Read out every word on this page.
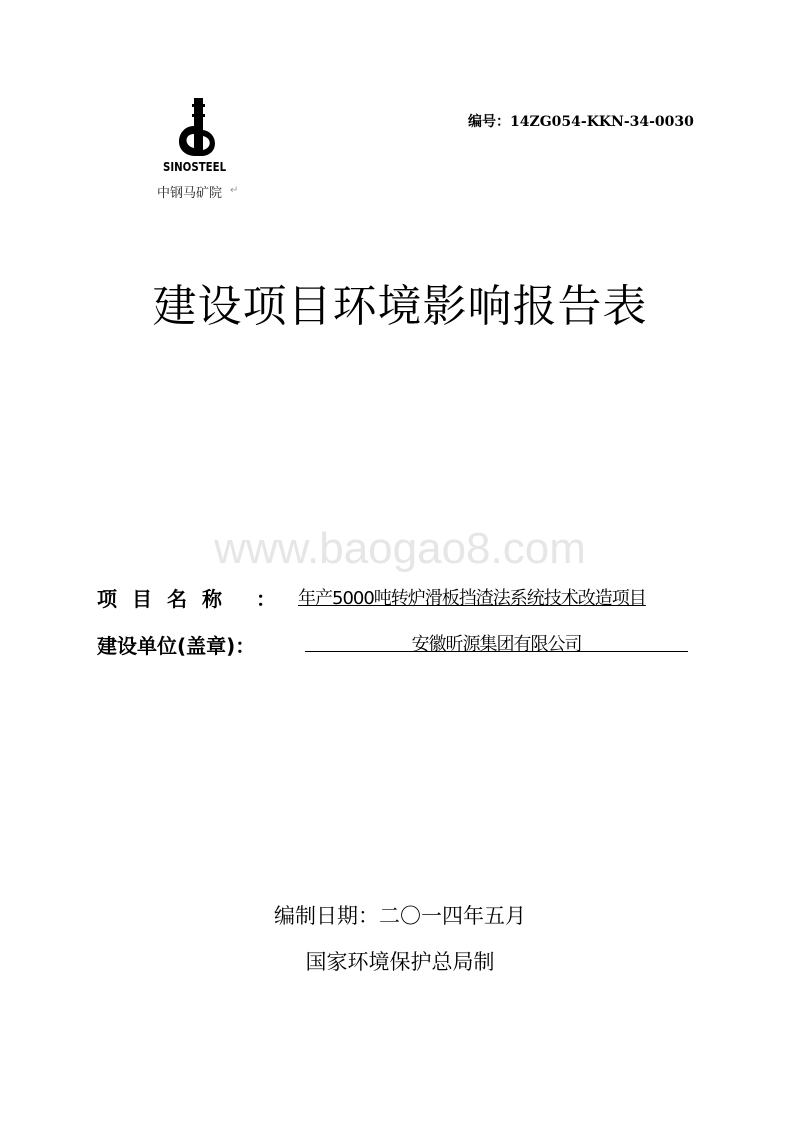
SINOSTEEL
中钢马矿院 ↵
编号：14ZG054-KKN-34-0030
建设项目环境影响报告表
www.baogao8.com
项目名称 ： 年产5000吨转炉滑板挡渣法系统技术改造项目
建设单位(盖章)：	安徽昕源集团有限公司
编制日期：二〇一四年五月
国家环境保护总局制
